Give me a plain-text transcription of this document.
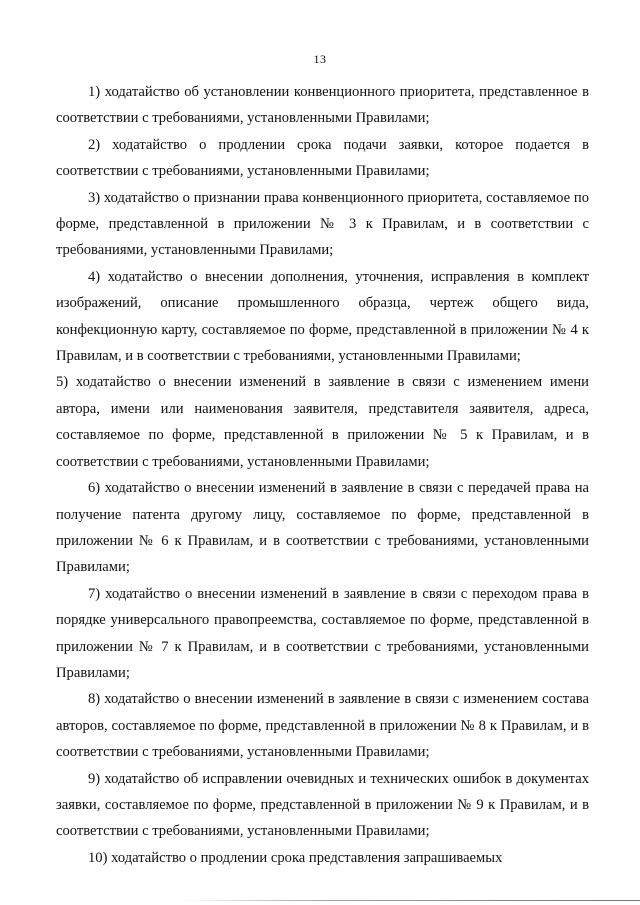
13

1) ходатайство об установлении конвенционного приоритета, представленное в соответствии с требованиями, установленными Правилами;

2) ходатайство о продлении срока подачи заявки, которое подается в соответствии с требованиями, установленными Правилами;

3) ходатайство о признании права конвенционного приоритета, составляемое по форме, представленной в приложении № 3 к Правилам, и в соответствии с требованиями, установленными Правилами;

4) ходатайство о внесении дополнения, уточнения, исправления в комплект изображений, описание промышленного образца, чертеж общего вида, конфекционную карту, составляемое по форме, представленной в приложении № 4 к Правилам, и в соответствии с требованиями, установленными Правилами;

5) ходатайство о внесении изменений в заявление в связи с изменением имени автора, имени или наименования заявителя, представителя заявителя, адреса, составляемое по форме, представленной в приложении № 5 к Правилам, и в соответствии с требованиями, установленными Правилами;

6) ходатайство о внесении изменений в заявление в связи с передачей права на получение патента другому лицу, составляемое по форме, представленной в приложении № 6 к Правилам, и в соответствии с требованиями, установленными Правилами;

7) ходатайство о внесении изменений в заявление в связи с переходом права в порядке универсального правопреемства, составляемое по форме, представленной в приложении № 7 к Правилам, и в соответствии с требованиями, установленными Правилами;

8) ходатайство о внесении изменений в заявление в связи с изменением состава авторов, составляемое по форме, представленной в приложении № 8 к Правилам, и в соответствии с требованиями, установленными Правилами;

9) ходатайство об исправлении очевидных и технических ошибок в документах заявки, составляемое по форме, представленной в приложении № 9 к Правилам, и в соответствии с требованиями, установленными Правилами;

10) ходатайство о продлении срока представления запрашиваемых
